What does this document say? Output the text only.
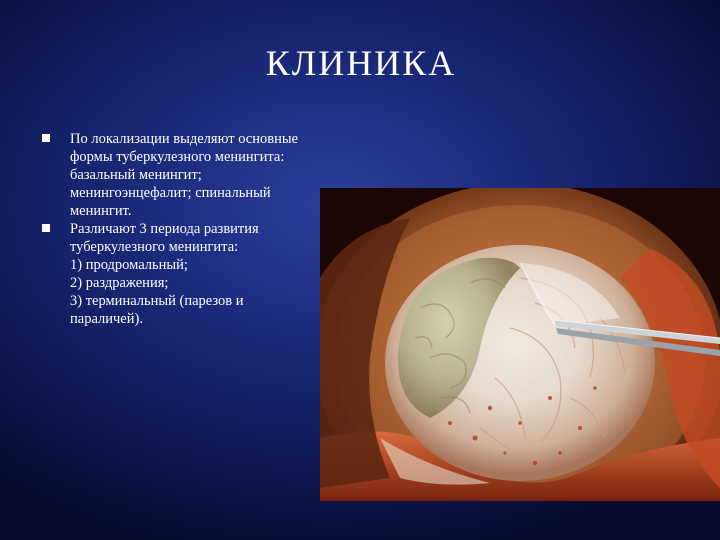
КЛИНИКА
По локализации выделяют основные
формы туберкулезного менингита:
базальный менингит;
менингоэнцефалит; спинальный
менингит.
Различают 3 периода развития
туберкулезного менингита:
1) продромальный;
2) раздражения;
3) терминальный (парезов и
параличей).
